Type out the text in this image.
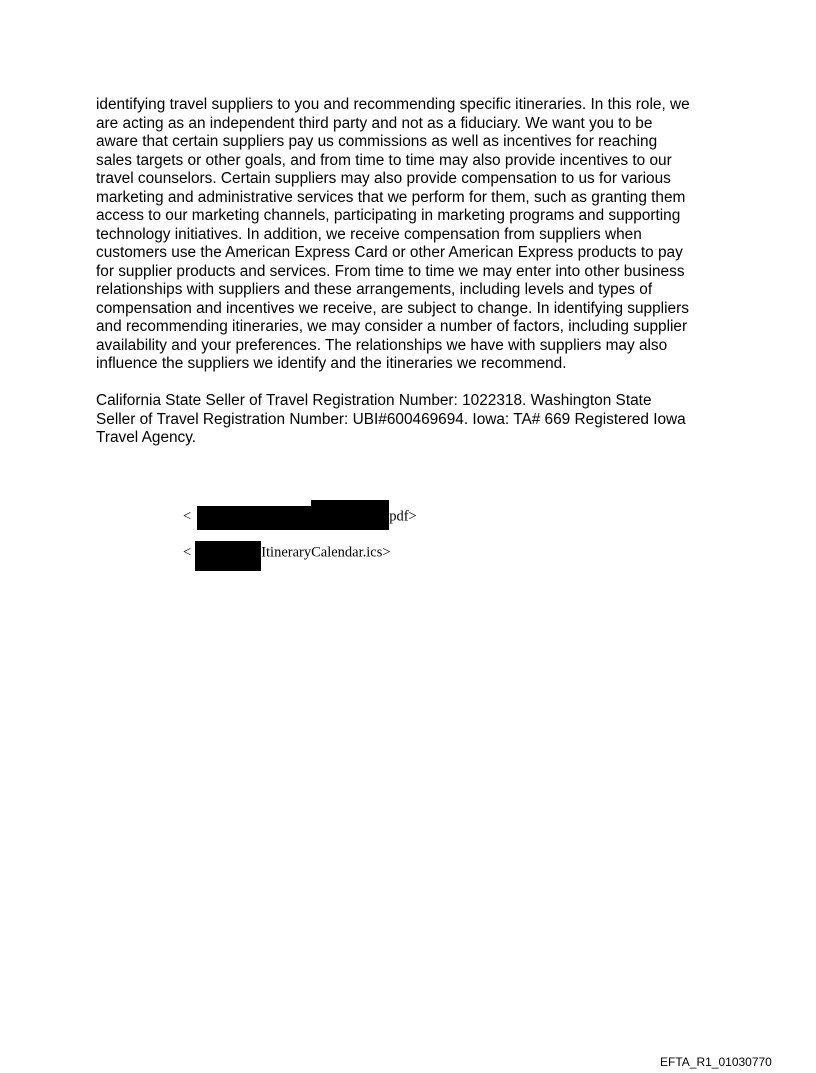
identifying travel suppliers to you and recommending specific itineraries. In this role, we
are acting as an independent third party and not as a fiduciary. We want you to be
aware that certain suppliers pay us commissions as well as incentives for reaching
sales targets or other goals, and from time to time may also provide incentives to our
travel counselors. Certain suppliers may also provide compensation to us for various
marketing and administrative services that we perform for them, such as granting them
access to our marketing channels, participating in marketing programs and supporting
technology initiatives. In addition, we receive compensation from suppliers when
customers use the American Express Card or other American Express products to pay
for supplier products and services. From time to time we may enter into other business
relationships with suppliers and these arrangements, including levels and types of
compensation and incentives we receive, are subject to change. In identifying suppliers
and recommending itineraries, we may consider a number of factors, including supplier
availability and your preferences. The relationships we have with suppliers may also
influence the suppliers we identify and the itineraries we recommend.

California State Seller of Travel Registration Number: 1022318. Washington State
Seller of Travel Registration Number: UBI#600469694. Iowa: TA# 669 Registered Iowa
Travel Agency.

<	pdf>
<	ItineraryCalendar.ics>
EFTA_R1_01030770
